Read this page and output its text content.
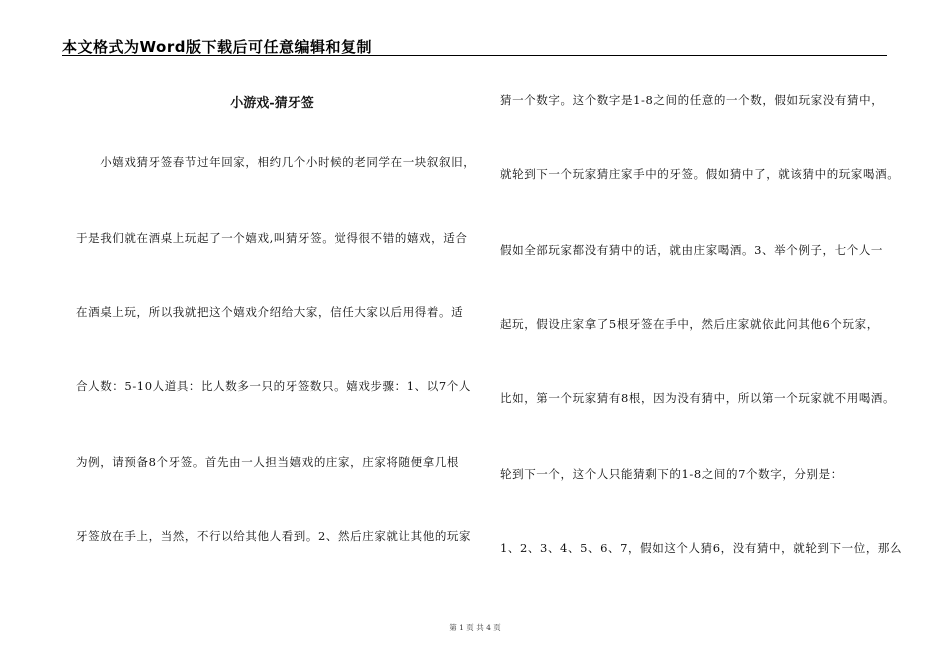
本文格式为Word版下载后可任意编辑和复制
小游戏-猜牙签
　　小嬉戏猜牙签春节过年回家，相约几个小时候的老同学在一块叙叙旧，
于是我们就在酒桌上玩起了一个嬉戏,叫猜牙签。觉得很不错的嬉戏，适合
在酒桌上玩，所以我就把这个嬉戏介绍给大家，信任大家以后用得着。适
合人数：5-10人道具：比人数多一只的牙签数只。嬉戏步骤：1、以7个人
为例，请预备8个牙签。首先由一人担当嬉戏的庄家，庄家将随便拿几根
牙签放在手上，当然，不行以给其他人看到。2、然后庄家就让其他的玩家
猜一个数字。这个数字是1-8之间的任意的一个数，假如玩家没有猜中，
就轮到下一个玩家猜庄家手中的牙签。假如猜中了，就该猜中的玩家喝酒。
假如全部玩家都没有猜中的话，就由庄家喝酒。3、举个例子，七个人一
起玩，假设庄家拿了5根牙签在手中，然后庄家就依此问其他6个玩家，
比如，第一个玩家猜有8根，因为没有猜中，所以第一个玩家就不用喝酒。
轮到下一个，这个人只能猜剩下的1-8之间的7个数字，分别是：
1、2、3、4、5、6、7，假如这个人猜6，没有猜中，就轮到下一位，那么
第 1 页 共 4 页
